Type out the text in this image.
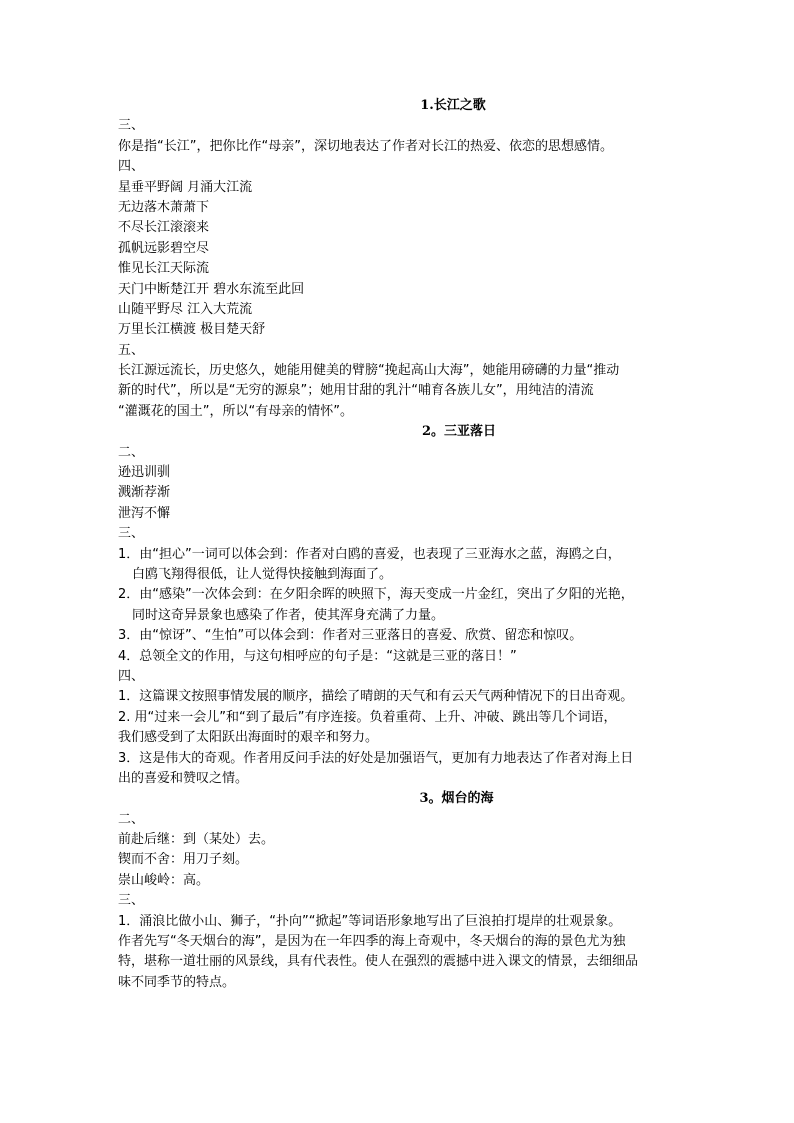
1.长江之歌
三、
你是指“长江”，把你比作“母亲”，深切地表达了作者对长江的热爱、依恋的思想感情。
四、
星垂平野阔 月涌大江流
无边落木萧萧下
不尽长江滚滚来
孤帆远影碧空尽
惟见长江天际流
天门中断楚江开 碧水东流至此回
山随平野尽 江入大荒流
万里长江横渡 极目楚天舒
五、
长江源远流长，历史悠久，她能用健美的臂膀“挽起高山大海”，她能用磅礴的力量“推动
新的时代”，所以是“无穷的源泉”；她用甘甜的乳汁“哺育各族儿女”，用纯洁的清流
“灌溉花的国土”，所以“有母亲的情怀”。
2。三亚落日
二、
逊迅训驯
溅渐荐渐
泄泻不懈
三、
1．由“担心”一词可以体会到：作者对白鸥的喜爱，也表现了三亚海水之蓝，海鸥之白，
白鸥飞翔得很低，让人觉得快接触到海面了。
2．由“感染”一次体会到：在夕阳余晖的映照下，海天变成一片金红，突出了夕阳的光艳，
同时这奇异景象也感染了作者，使其浑身充满了力量。
3．由“惊讶”、“生怕”可以体会到：作者对三亚落日的喜爱、欣赏、留恋和惊叹。
4．总领全文的作用，与这句相呼应的句子是：“这就是三亚的落日！”
四、
1．这篇课文按照事情发展的顺序，描绘了晴朗的天气和有云天气两种情况下的日出奇观。
2. 用“过来一会儿”和“到了最后”有序连接。负着重荷、上升、冲破、跳出等几个词语，
我们感受到了太阳跃出海面时的艰辛和努力。
3．这是伟大的奇观。作者用反问手法的好处是加强语气，更加有力地表达了作者对海上日
出的喜爱和赞叹之情。
3。烟台的海
二、
前赴后继：到（某处）去。
锲而不舍：用刀子刻。
崇山峻岭：高。
三、
1．涌浪比做小山、狮子，“扑向”“掀起”等词语形象地写出了巨浪拍打堤岸的壮观景象。
作者先写“冬天烟台的海”，是因为在一年四季的海上奇观中，冬天烟台的海的景色尤为独
特，堪称一道壮丽的风景线，具有代表性。使人在强烈的震撼中进入课文的情景，去细细品
味不同季节的特点。
